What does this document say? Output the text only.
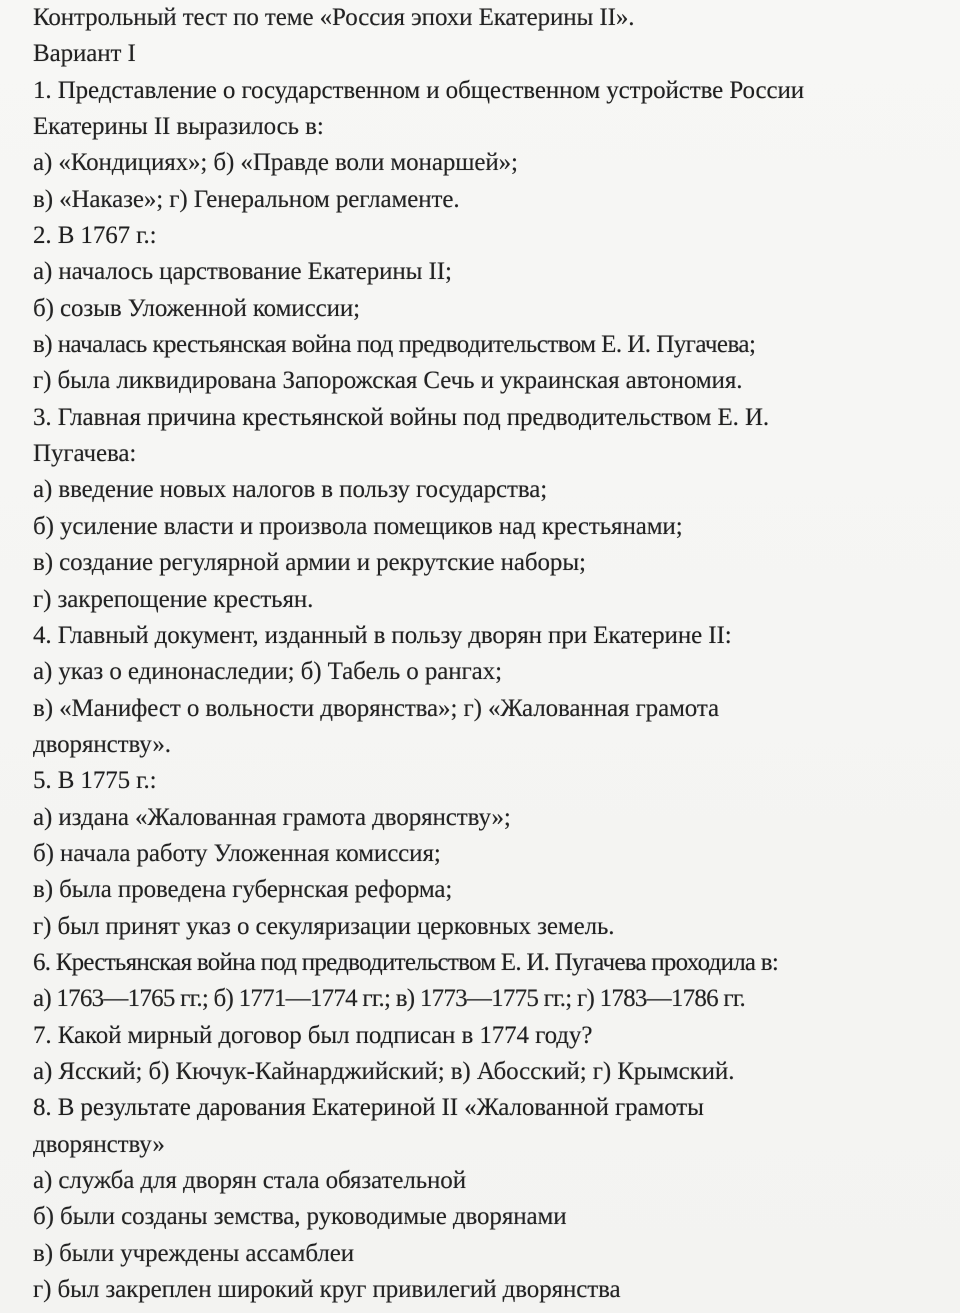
Контрольный тест по теме «Россия эпохи Екатерины II».
Вариант I
1. Представление о государственном и общественном устройстве России
Екатерины II выразилось в:
а) «Кондициях»; б) «Правде воли монаршей»;
в) «Наказе»; г) Генеральном регламенте.
2. В 1767 г.:
а) началось царствование Екатерины II;
б) созыв Уложенной комиссии;
в) началась крестьянская война под предводительством Е. И. Пугачева;
г) была ликвидирована Запорожская Сечь и украинская автономия.
3. Главная причина крестьянской войны под предводительством Е. И.
Пугачева:
а) введение новых налогов в пользу государства;
б) усиление власти и произвола помещиков над крестьянами;
в) создание регулярной армии и рекрутские наборы;
г) закрепощение крестьян.
4. Главный документ, изданный в пользу дворян при Екатерине II:
а) указ о единонаследии; б) Табель о рангах;
в) «Манифест о вольности дворянства»; г) «Жалованная грамота
дворянству».
5. В 1775 г.:
а) издана «Жалованная грамота дворянству»;
б) начала работу Уложенная комиссия;
в) была проведена губернская реформа;
г) был принят указ о секуляризации церковных земель.
6. Крестьянская война под предводительством Е. И. Пугачева проходила в:
а) 1763—1765 гг.; б) 1771—1774 гг.; в) 1773—1775 гг.; г) 1783—1786 гг.
7. Какой мирный договор был подписан в 1774 году?
а) Ясский; б) Кючук-Кайнарджийский; в) Абосский; г) Крымский.
8. В результате дарования Екатериной II «Жалованной грамоты
дворянству»
а) служба для дворян стала обязательной
б) были созданы земства, руководимые дворянами
в) были учреждены ассамблеи
г) был закреплен широкий круг привилегий дворянства
